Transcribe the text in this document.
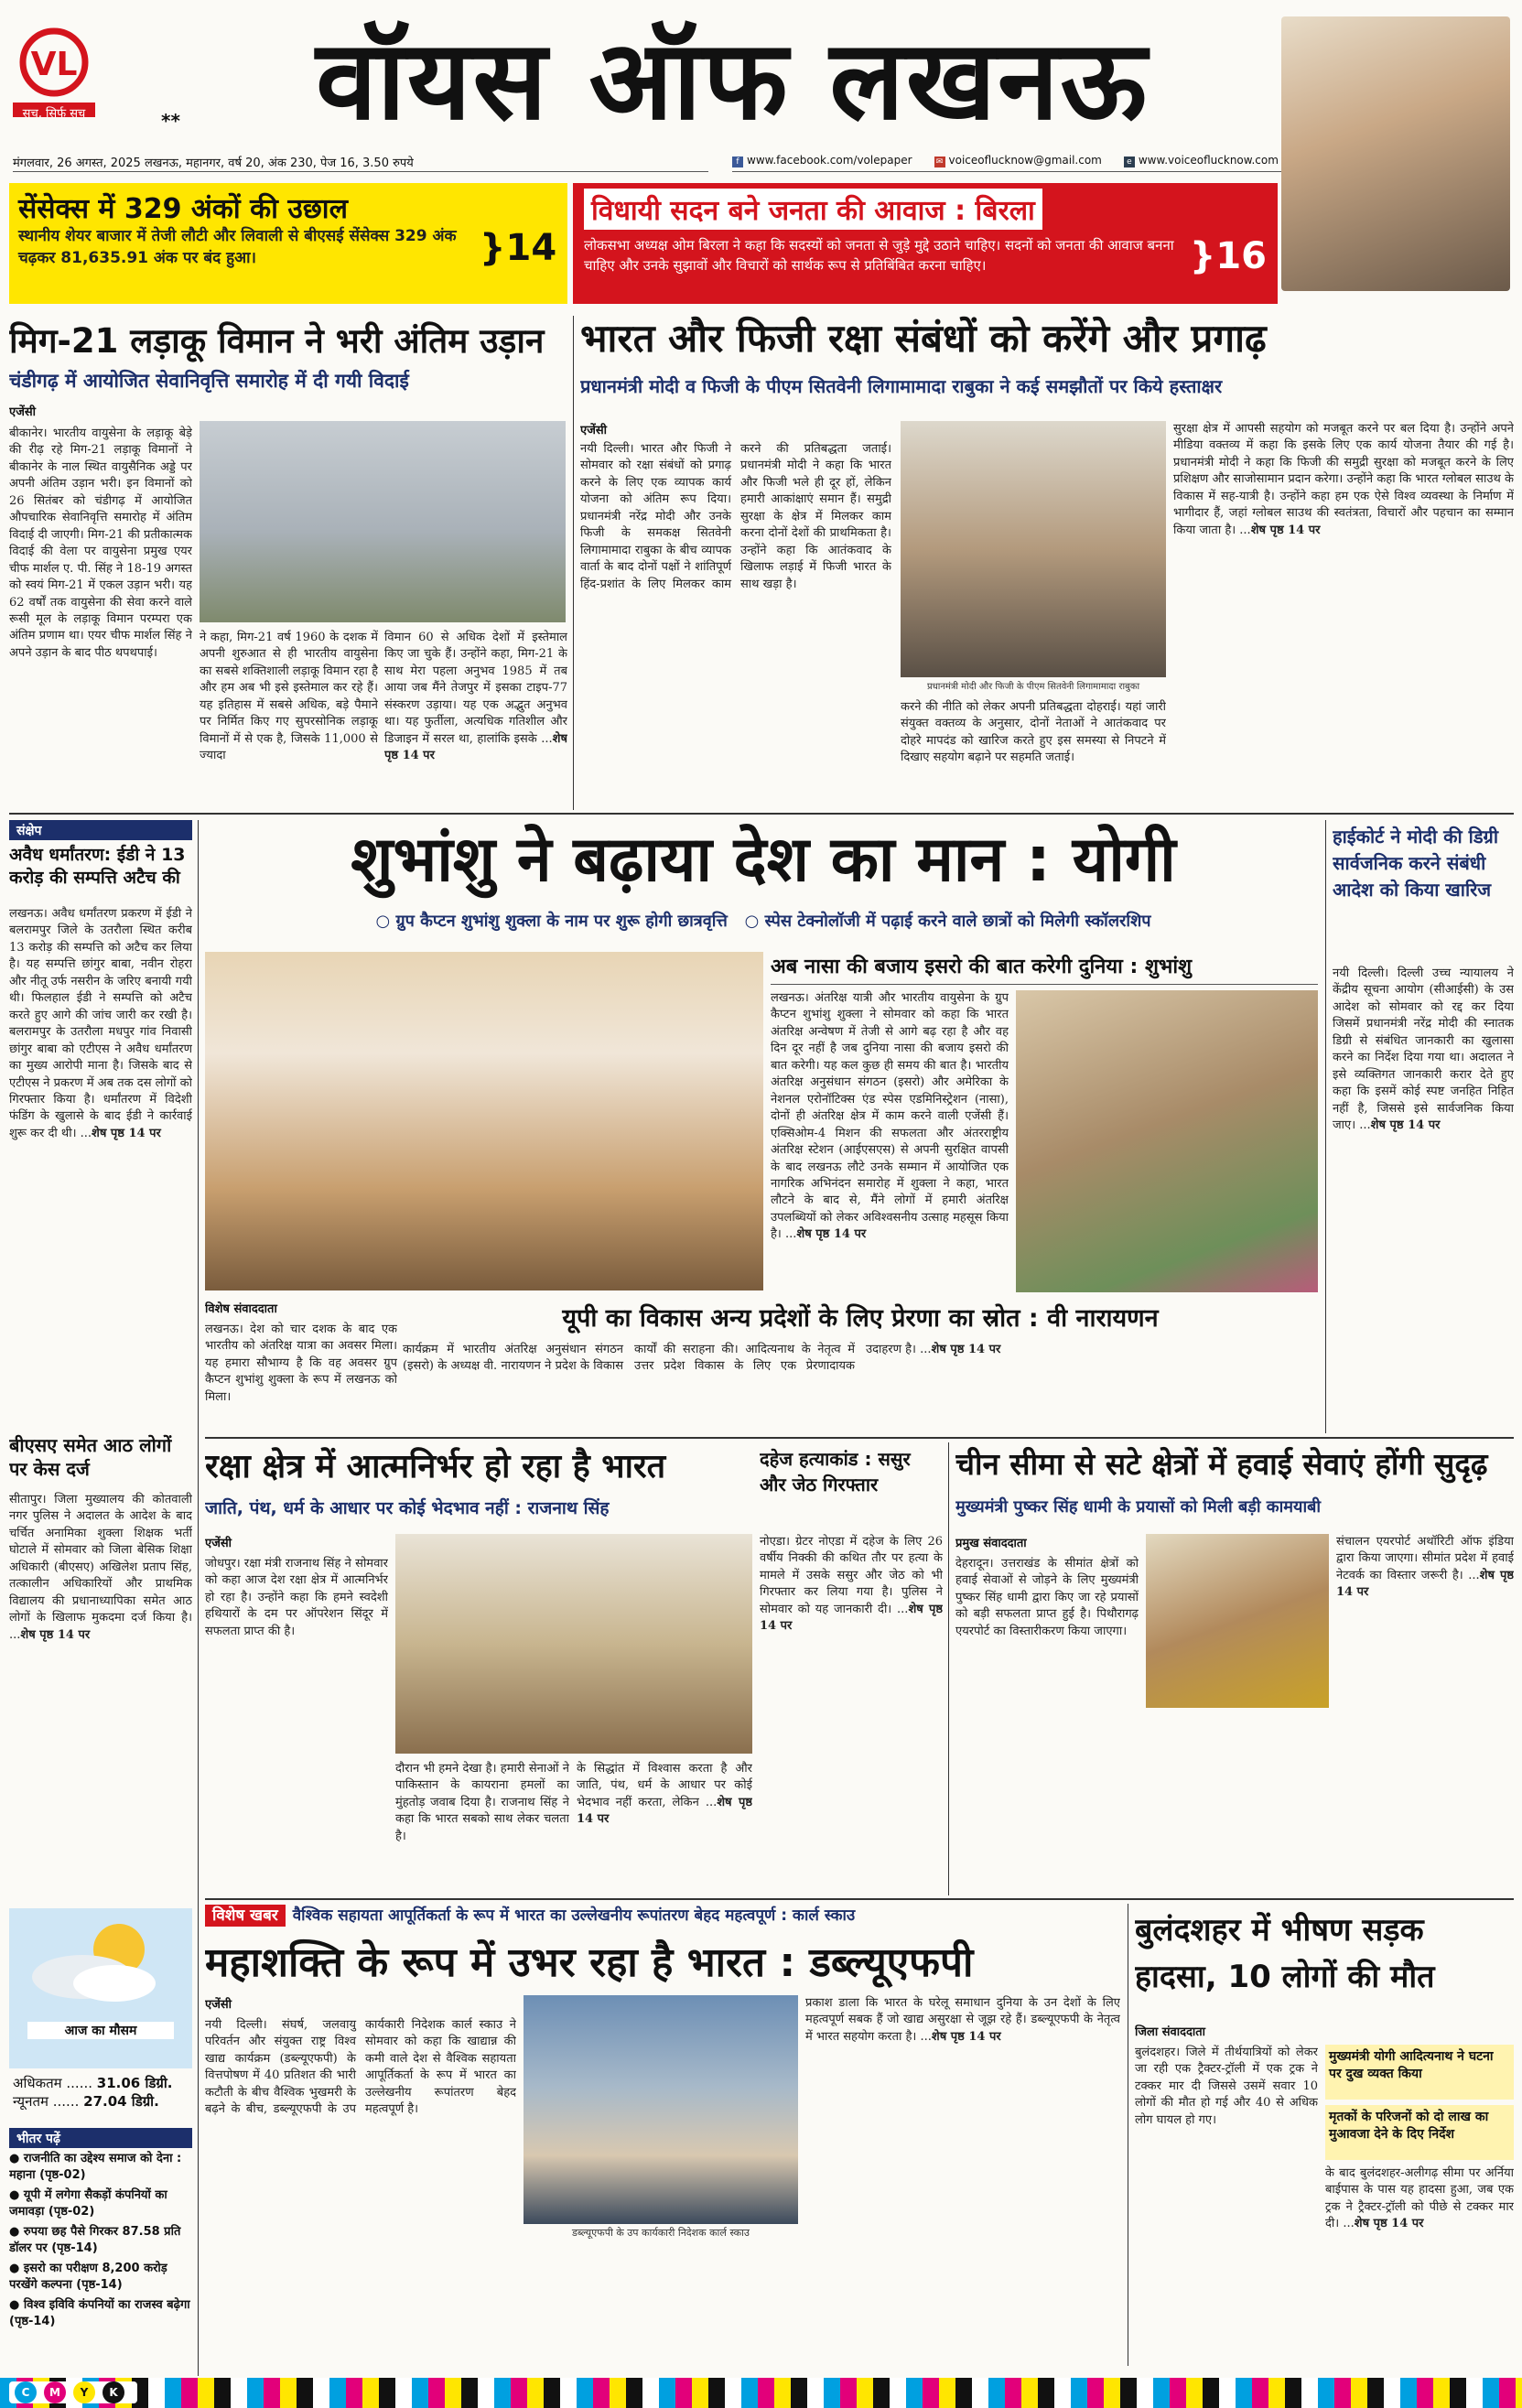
VL
सच, सिर्फ सच	**	वॉयस ऑफ लखनऊ
मंगलवार, 26 अगस्त, 2025 लखनऊ, महानगर, वर्ष 20, अंक 230, पेज 16, 3.50 रुपये	f www.facebook.com/volepaper	✉ voiceoflucknow@gmail.com	e www.voiceoflucknow.com
सेंसेक्स में 329 अंकों की उछाल
स्थानीय शेयर बाजार में तेजी लौटी और लिवाली से बीएसई सेंसेक्स 329 अंक चढ़कर 81,635.91 अंक पर बंद हुआ।	}14
विधायी सदन बने जनता की आवाज : बिरला
लोकसभा अध्यक्ष ओम बिरला ने कहा कि सदस्यों को जनता से जुड़े मुद्दे उठाने चाहिए। सदनों को जनता की आवाज बनना चाहिए और उनके सुझावों और विचारों को सार्थक रूप से प्रतिबिंबित करना चाहिए।	}16
मिग-21 लड़ाकू विमान ने भरी अंतिम उड़ान
चंडीगढ़ में आयोजित सेवानिवृत्ति समारोह में दी गयी विदाई
एजेंसी
बीकानेर। भारतीय वायुसेना के लड़ाकू बेड़े की रीढ़ रहे मिग-21 लड़ाकू विमानों ने बीकानेर के नाल स्थित वायुसैनिक अड्डे पर अपनी अंतिम उड़ान भरी। इन विमानों को 26 सितंबर को चंडीगढ़ में आयोजित औपचारिक सेवानिवृत्ति समारोह में अंतिम विदाई दी जाएगी। मिग-21 की प्रतीकात्मक विदाई की वेला पर वायुसेना प्रमुख एयर चीफ मार्शल ए. पी. सिंह ने 18-19 अगस्त को स्वयं मिग-21 में एकल उड़ान भरी। यह 62 वर्षों तक वायुसेना की सेवा करने वाले रूसी मूल के लड़ाकू विमान परम्परा एक अंतिम प्रणाम था। एयर चीफ मार्शल सिंह ने अपने उड़ान के बाद पीठ थपथपाई।
ने कहा, मिग-21 वर्ष 1960 के दशक में अपनी शुरुआत से ही भारतीय वायुसेना का सबसे शक्तिशाली लड़ाकू विमान रहा है और हम अब भी इसे इस्तेमाल कर रहे हैं। यह इतिहास में सबसे अधिक, बड़े पैमाने पर निर्मित किए गए सुपरसोनिक लड़ाकू विमानों में से एक है, जिसके 11,000 से ज्यादा
विमान 60 से अधिक देशों में इस्तेमाल किए जा चुके हैं। उन्होंने कहा, मिग-21 के साथ मेरा पहला अनुभव 1985 में तब आया जब मैंने तेजपुर में इसका टाइप-77 संस्करण उड़ाया। यह एक अद्भुत अनुभव था। यह फुर्तीला, अत्यधिक गतिशील और डिजाइन में सरल था, हालांकि इसके ...शेष पृष्ठ 14 पर
भारत और फिजी रक्षा संबंधों को करेंगे और प्रगाढ़
प्रधानमंत्री मोदी व फिजी के पीएम सितवेनी लिगामामादा राबुका ने कई समझौतों पर किये हस्ताक्षर
एजेंसी
नयी दिल्ली। भारत और फिजी ने सोमवार को रक्षा संबंधों को प्रगाढ़ करने के लिए एक व्यापक कार्य योजना को अंतिम रूप दिया। प्रधानमंत्री नरेंद्र मोदी और उनके फिजी के समकक्ष सितवेनी लिगामामादा राबुका के बीच व्यापक वार्ता के बाद दोनों पक्षों ने शांतिपूर्ण हिंद-प्रशांत के लिए मिलकर काम करने की प्रतिबद्धता जताई। प्रधानमंत्री मोदी ने कहा कि भारत और फिजी भले ही दूर हों, लेकिन हमारी आकांक्षाएं समान हैं। समुद्री सुरक्षा के क्षेत्र में मिलकर काम करना दोनों देशों की प्राथमिकता है। उन्होंने कहा कि आतंकवाद के खिलाफ लड़ाई में फिजी भारत के साथ खड़ा है।
प्रधानमंत्री मोदी और फिजी के पीएम सितवेनी लिगामामादा राबुका
करने की नीति को लेकर अपनी प्रतिबद्धता दोहराई। यहां जारी संयुक्त वक्तव्य के अनुसार, दोनों नेताओं ने आतंकवाद पर दोहरे मापदंड को खारिज करते हुए इस समस्या से निपटने में दिखाए सहयोग बढ़ाने पर सहमति जताई।
सुरक्षा क्षेत्र में आपसी सहयोग को मजबूत करने पर बल दिया है। उन्होंने अपने मीडिया वक्तव्य में कहा कि इसके लिए एक कार्य योजना तैयार की गई है। प्रधानमंत्री मोदी ने कहा कि फिजी की समुद्री सुरक्षा को मजबूत करने के लिए प्रशिक्षण और साजोसामान प्रदान करेगा। उन्होंने कहा कि भारत ग्लोबल साउथ के विकास में सह-यात्री है। उन्होंने कहा हम एक ऐसे विश्व व्यवस्था के निर्माण में भागीदार हैं, जहां ग्लोबल साउथ की स्वतंत्रता, विचारों और पहचान का सम्मान किया जाता है। ...शेष पृष्ठ 14 पर
संक्षेप
अवैध धर्मांतरण: ईडी ने 13 करोड़ की सम्पत्ति अटैच की
लखनऊ। अवैध धर्मांतरण प्रकरण में ईडी ने बलरामपुर जिले के उतरौला स्थित करीब 13 करोड़ की सम्पत्ति को अटैच कर लिया है। यह सम्पत्ति छांगुर बाबा, नवीन रोहरा और नीतू उर्फ नसरीन के जरिए बनायी गयी थी। फिलहाल ईडी ने सम्पत्ति को अटैच करते हुए आगे की जांच जारी कर रखी है। बलरामपुर के उतरौला मधपुर गांव निवासी छांगुर बाबा को एटीएस ने अवैध धर्मांतरण का मुख्य आरोपी माना है। जिसके बाद से एटीएस ने प्रकरण में अब तक दस लोगों को गिरफ्तार किया है। धर्मांतरण में विदेशी फंडिंग के खुलासे के बाद ईडी ने कार्रवाई शुरू कर दी थी। ...शेष पृष्ठ 14 पर
बीएसए समेत आठ लोगों पर केस दर्ज
सीतापुर। जिला मुख्यालय की कोतवाली नगर पुलिस ने अदालत के आदेश के बाद चर्चित अनामिका शुक्ला शिक्षक भर्ती घोटाले में सोमवार को जिला बेसिक शिक्षा अधिकारी (बीएसए) अखिलेश प्रताप सिंह, तत्कालीन अधिकारियों और प्राथमिक विद्यालय की प्रधानाध्यापिका समेत आठ लोगों के खिलाफ मुकदमा दर्ज किया है। ...शेष पृष्ठ 14 पर
आज का मौसम
अधिकतम ...... 31.06 डिग्री.
न्यूनतम ...... 27.04 डिग्री.
भीतर पढ़ें
● राजनीति का उद्देश्य समाज को देना : महाना (पृष्ठ-02)
● यूपी में लगेगा सैकड़ों कंपनियों का जमावड़ा (पृष्ठ-02)
● रुपया छह पैसे गिरकर 87.58 प्रति डॉलर पर (पृष्ठ-14)
● इसरो का परीक्षण 8,200 करोड़ परखेंगे कल्पना (पृष्ठ-14)
● विश्व इविवि कंपनियों का राजस्व बढ़ेगा (पृष्ठ-14)
शुभांशु ने बढ़ाया देश का मान : योगी
○ ग्रुप कैप्टन शुभांशु शुक्ला के नाम पर शुरू होगी छात्रवृत्ति   ○ स्पेस टेक्नोलॉजी में पढ़ाई करने वाले छात्रों को मिलेगी स्कॉलरशिप
अब नासा की बजाय इसरो की बात करेगी दुनिया : शुभांशु
लखनऊ। अंतरिक्ष यात्री और भारतीय वायुसेना के ग्रुप कैप्टन शुभांशु शुक्ला ने सोमवार को कहा कि भारत अंतरिक्ष अन्वेषण में तेजी से आगे बढ़ रहा है और वह दिन दूर नहीं है जब दुनिया नासा की बजाय इसरो की बात करेगी। यह कल कुछ ही समय की बात है। भारतीय अंतरिक्ष अनुसंधान संगठन (इसरो) और अमेरिका के नेशनल एरोनॉटिक्स एंड स्पेस एडमिनिस्ट्रेशन (नासा), दोनों ही अंतरिक्ष क्षेत्र में काम करने वाली एजेंसी हैं। एक्सिओम-4 मिशन की सफलता और अंतरराष्ट्रीय अंतरिक्ष स्टेशन (आईएसएस) से अपनी सुरक्षित वापसी के बाद लखनऊ लौटे उनके सम्मान में आयोजित एक नागरिक अभिनंदन समारोह में शुक्ला ने कहा, भारत लौटने के बाद से, मैंने लोगों में हमारी अंतरिक्ष उपलब्धियों को लेकर अविश्वसनीय उत्साह महसूस किया है। ...शेष पृष्ठ 14 पर
विशेष संवाददाता
लखनऊ। देश को चार दशक के बाद एक भारतीय को अंतरिक्ष यात्रा का अवसर मिला। यह हमारा सौभाग्य है कि वह अवसर ग्रुप कैप्टन शुभांशु शुक्ला के रूप में लखनऊ को मिला।
यूपी का विकास अन्य प्रदेशों के लिए प्रेरणा का स्रोत : वी नारायणन
कार्यक्रम में भारतीय अंतरिक्ष अनुसंधान संगठन (इसरो) के अध्यक्ष वी. नारायणन ने प्रदेश के विकास कार्यों की सराहना की। आदित्यनाथ के नेतृत्व में उत्तर प्रदेश विकास के लिए एक प्रेरणादायक उदाहरण है। ...शेष पृष्ठ 14 पर
हाईकोर्ट ने मोदी की डिग्री सार्वजनिक करने संबंधी आदेश को किया खारिज
नयी दिल्ली। दिल्ली उच्च न्यायालय ने केंद्रीय सूचना आयोग (सीआईसी) के उस आदेश को सोमवार को रद्द कर दिया जिसमें प्रधानमंत्री नरेंद्र मोदी की स्नातक डिग्री से संबंधित जानकारी का खुलासा करने का निर्देश दिया गया था। अदालत ने इसे व्यक्तिगत जानकारी करार देते हुए कहा कि इसमें कोई स्पष्ट जनहित निहित नहीं है, जिससे इसे सार्वजनिक किया जाए। ...शेष पृष्ठ 14 पर
रक्षा क्षेत्र में आत्मनिर्भर हो रहा है भारत
जाति, पंथ, धर्म के आधार पर कोई भेदभाव नहीं : राजनाथ सिंह
एजेंसी
जोधपुर। रक्षा मंत्री राजनाथ सिंह ने सोमवार को कहा आज देश रक्षा क्षेत्र में आत्मनिर्भर हो रहा है। उन्होंने कहा कि हमने स्वदेशी हथियारों के दम पर ऑपरेशन सिंदूर में सफलता प्राप्त की है।
दौरान भी हमने देखा है। हमारी सेनाओं ने पाकिस्तान के कायराना हमलों का मुंहतोड़ जवाब दिया है। राजनाथ सिंह ने कहा कि भारत सबको साथ लेकर चलता है।
के सिद्धांत में विश्वास करता है और जाति, पंथ, धर्म के आधार पर कोई भेदभाव नहीं करता, लेकिन ...शेष पृष्ठ 14 पर
दहेज हत्याकांड : ससुर और जेठ गिरफ्तार
नोएडा। ग्रेटर नोएडा में दहेज के लिए 26 वर्षीय निक्की की कथित तौर पर हत्या के मामले में उसके ससुर और जेठ को भी गिरफ्तार कर लिया गया है। पुलिस ने सोमवार को यह जानकारी दी। ...शेष पृष्ठ 14 पर
चीन सीमा से सटे क्षेत्रों में हवाई सेवाएं होंगी सुदृढ़
मुख्यमंत्री पुष्कर सिंह धामी के प्रयासों को मिली बड़ी कामयाबी
प्रमुख संवाददाता
देहरादून। उत्तराखंड के सीमांत क्षेत्रों को हवाई सेवाओं से जोड़ने के लिए मुख्यमंत्री पुष्कर सिंह धामी द्वारा किए जा रहे प्रयासों को बड़ी सफलता प्राप्त हुई है। पिथौरागढ़ एयरपोर्ट का विस्तारीकरण किया जाएगा।
संचालन एयरपोर्ट अथॉरिटी ऑफ इंडिया द्वारा किया जाएगा। सीमांत प्रदेश में हवाई नेटवर्क का विस्तार जरूरी है। ...शेष पृष्ठ 14 पर
विशेष खबर वैश्विक सहायता आपूर्तिकर्ता के रूप में भारत का उल्लेखनीय रूपांतरण बेहद महत्वपूर्ण : कार्ल स्काउ
महाशक्ति के रूप में उभर रहा है भारत : डब्ल्यूएफपी
एजेंसी
नयी दिल्ली। संघर्ष, जलवायु परिवर्तन और संयुक्त राष्ट्र विश्व खाद्य कार्यक्रम (डब्ल्यूएफपी) के वित्तपोषण में 40 प्रतिशत की भारी कटौती के बीच वैश्विक भुखमरी के बढ़ने के बीच, डब्ल्यूएफपी के उप कार्यकारी निदेशक कार्ल स्काउ ने सोमवार को कहा कि खाद्यान्न की कमी वाले देश से वैश्विक सहायता आपूर्तिकर्ता के रूप में भारत का उल्लेखनीय रूपांतरण बेहद महत्वपूर्ण है।
डब्ल्यूएफपी के उप कार्यकारी निदेशक कार्ल स्काउ
प्रकाश डाला कि भारत के घरेलू समाधान दुनिया के उन देशों के लिए महत्वपूर्ण सबक हैं जो खाद्य असुरक्षा से जूझ रहे हैं। डब्ल्यूएफपी के नेतृत्व में भारत सहयोग करता है। ...शेष पृष्ठ 14 पर
बुलंदशहर में भीषण सड़क हादसा, 10 लोगों की मौत
जिला संवाददाता
बुलंदशहर। जिले में तीर्थयात्रियों को लेकर जा रही एक ट्रैक्टर-ट्रॉली में एक ट्रक ने टक्कर मार दी जिससे उसमें सवार 10 लोगों की मौत हो गई और 40 से अधिक लोग घायल हो गए।
मुख्यमंत्री योगी आदित्यनाथ ने घटना पर दुख व्यक्त किया
मृतकों के परिजनों को दो लाख का मुआवजा देने के दिए निर्देश
के बाद बुलंदशहर-अलीगढ़ सीमा पर अर्निया बाईपास के पास यह हादसा हुआ, जब एक ट्रक ने ट्रैक्टर-ट्रॉली को पीछे से टक्कर मार दी। ...शेष पृष्ठ 14 पर
C M Y K
